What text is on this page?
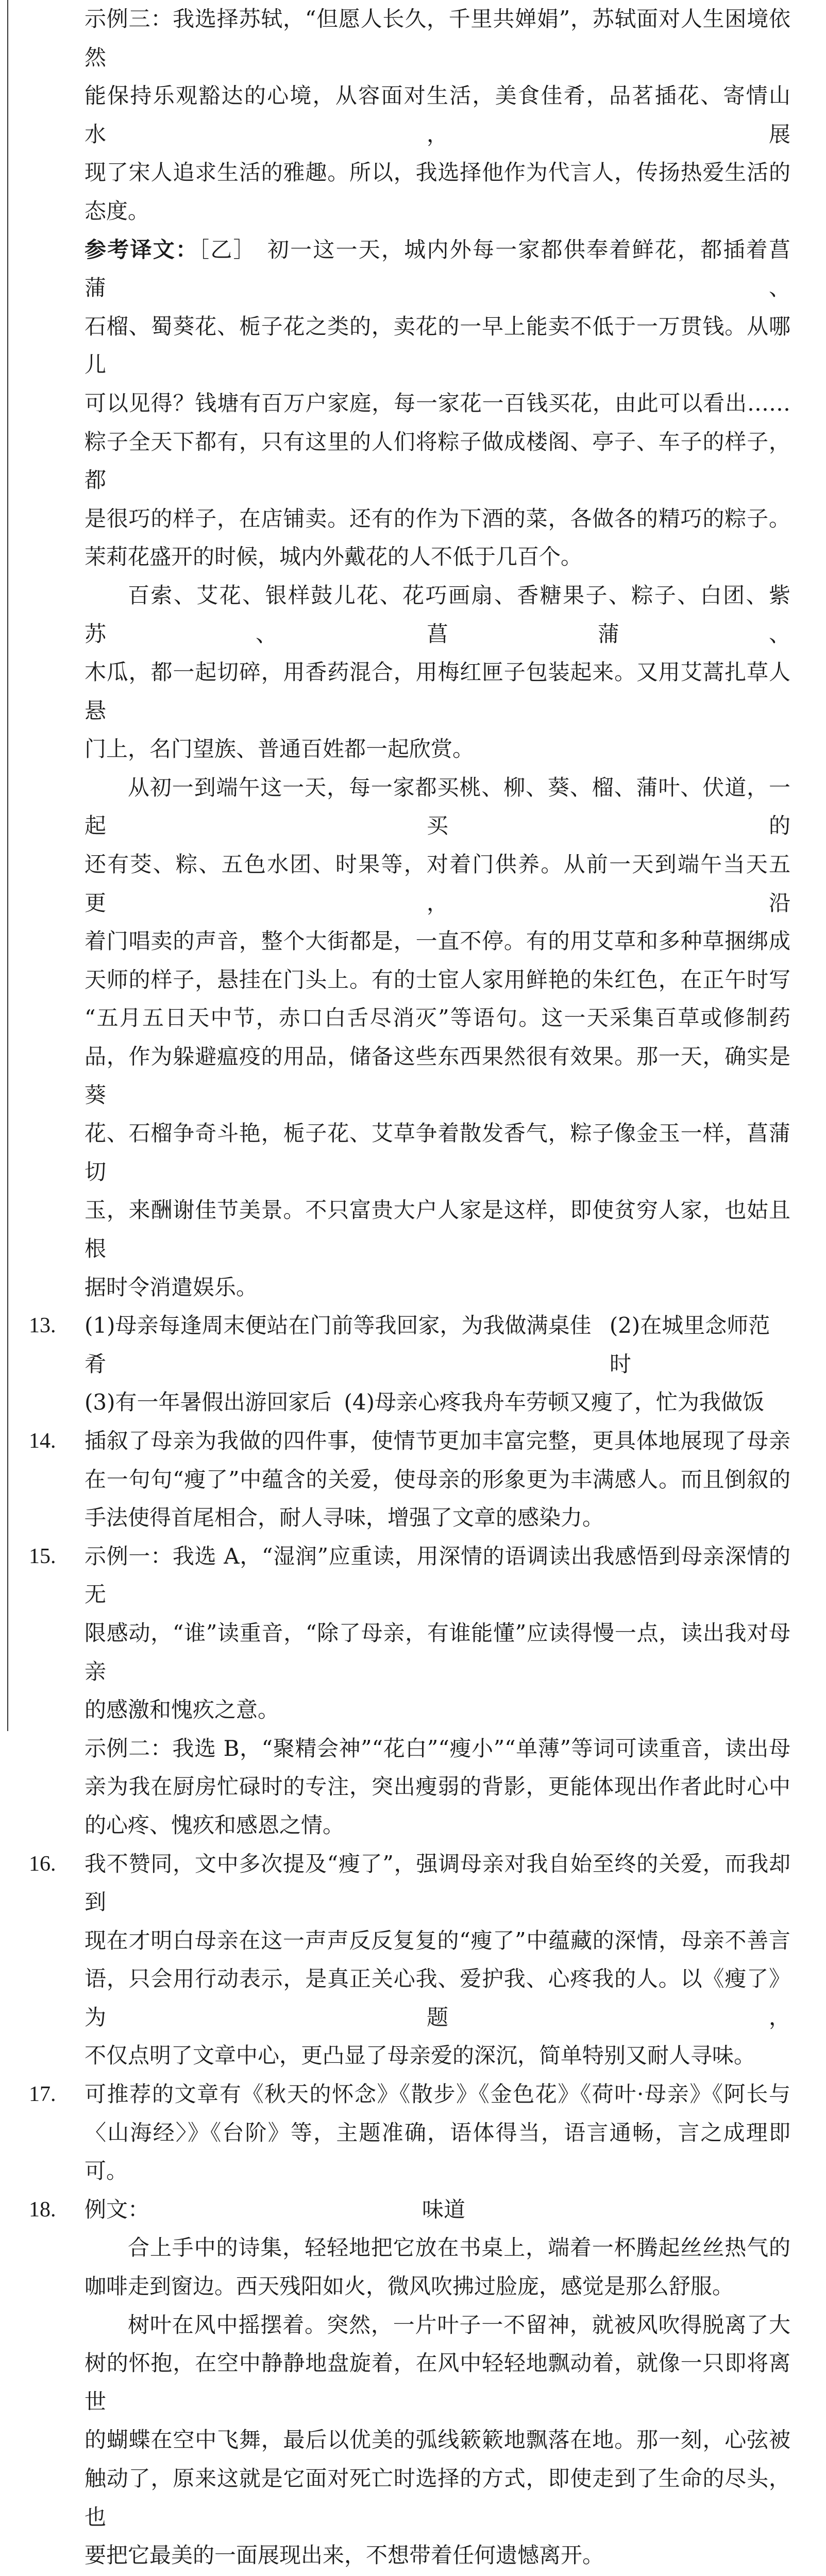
示例三：我选择苏轼，“但愿人长久，千里共婵娟”，苏轼面对人生困境依然

能保持乐观豁达的心境，从容面对生活，美食佳肴，品茗插花、寄情山水，展

现了宋人追求生活的雅趣。所以，我选择他作为代言人，传扬热爱生活的态度。

参考译文：［乙］ 初一这一天，城内外每一家都供奉着鲜花，都插着菖蒲、

石榴、蜀葵花、栀子花之类的，卖花的一早上能卖不低于一万贯钱。从哪儿

可以见得？钱塘有百万户家庭，每一家花一百钱买花，由此可以看出……

粽子全天下都有，只有这里的人们将粽子做成楼阁、亭子、车子的样子，都

是很巧的样子，在店铺卖。还有的作为下酒的菜，各做各的精巧的粽子。

茉莉花盛开的时候，城内外戴花的人不低于几百个。

百索、艾花、银样鼓儿花、花巧画扇、香糖果子、粽子、白团、紫苏、菖蒲、

木瓜，都一起切碎，用香药混合，用梅红匣子包装起来。又用艾蒿扎草人悬

门上，名门望族、普通百姓都一起欣赏。

从初一到端午这一天，每一家都买桃、柳、葵、榴、蒲叶、伏道，一起买的

还有茭、粽、五色水团、时果等，对着门供养。从前一天到端午当天五更，沿

着门唱卖的声音，整个大街都是，一直不停。有的用艾草和多种草捆绑成

天师的样子，悬挂在门头上。有的士宦人家用鲜艳的朱红色，在正午时写

“五月五日天中节，赤口白舌尽消灭”等语句。这一天采集百草或修制药

品，作为躲避瘟疫的用品，储备这些东西果然很有效果。那一天，确实是葵

花、石榴争奇斗艳，栀子花、艾草争着散发香气，粽子像金玉一样，菖蒲切

玉，来酬谢佳节美景。不只富贵大户人家是这样，即使贫穷人家，也姑且根

据时令消遣娱乐。

13.	(1)母亲每逢周末便站在门前等我回家，为我做满桌佳肴
(2)在城里念师范时
(3)有一年暑假出游回家后 (4)母亲心疼我舟车劳顿又瘦了，忙为我做饭
14.	插叙了母亲为我做的四件事，使情节更加丰富完整，更具体地展现了母亲

在一句句“瘦了”中蕴含的关爱，使母亲的形象更为丰满感人。而且倒叙的

手法使得首尾相合，耐人寻味，增强了文章的感染力。

15.	示例一：我选 A，“湿润”应重读，用深情的语调读出我感悟到母亲深情的无

限感动，“谁”读重音，“除了母亲，有谁能懂”应读得慢一点，读出我对母亲

的感激和愧疚之意。

示例二：我选 B，“聚精会神”“花白”“瘦小”“单薄”等词可读重音，读出母

亲为我在厨房忙碌时的专注，突出瘦弱的背影，更能体现出作者此时心中

的心疼、愧疚和感恩之情。

16.	我不赞同，文中多次提及“瘦了”，强调母亲对我自始至终的关爱，而我却到

现在才明白母亲在这一声声反反复复的“瘦了”中蕴藏的深情，母亲不善言

语，只会用行动表示，是真正关心我、爱护我、心疼我的人。以《瘦了》为题，

不仅点明了文章中心，更凸显了母亲爱的深沉，简单特别又耐人寻味。

17.	可推荐的文章有《秋天的怀念》《散步》《金色花》《荷叶·母亲》《阿长与

〈山海经〉》《台阶》等，主题准确，语体得当，语言通畅，言之成理即可。

18.	例文：	味道

合上手中的诗集，轻轻地把它放在书桌上，端着一杯腾起丝丝热气的

咖啡走到窗边。西天残阳如火，微风吹拂过脸庞，感觉是那么舒服。

树叶在风中摇摆着。突然，一片叶子一不留神，就被风吹得脱离了大

树的怀抱，在空中静静地盘旋着，在风中轻轻地飘动着，就像一只即将离世

的蝴蝶在空中飞舞，最后以优美的弧线簌簌地飘落在地。那一刻，心弦被

触动了，原来这就是它面对死亡时选择的方式，即使走到了生命的尽头，也

要把它最美的一面展现出来，不想带着任何遗憾离开。
